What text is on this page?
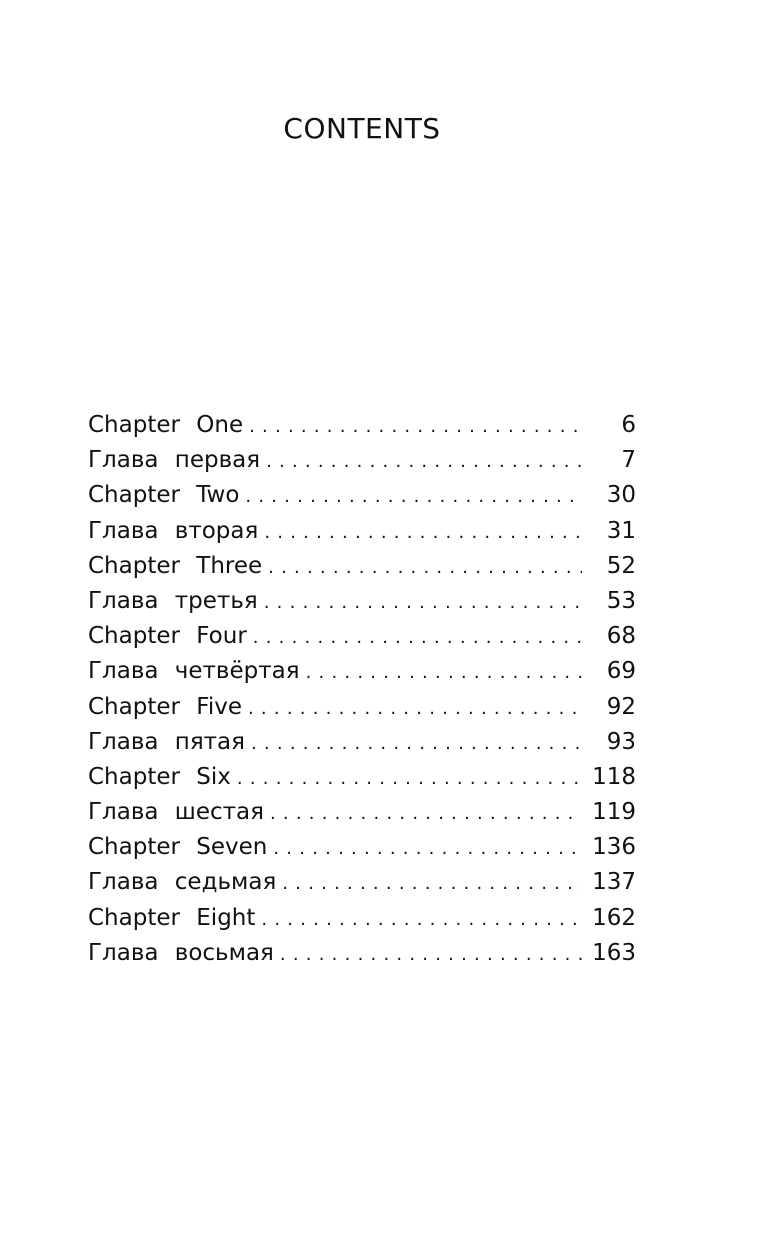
CONTENTS
Chapter One . . .	6
Глава первая . . .	7
Chapter Two . . .	30
Глава вторая . . .	31
Chapter Three . . .	52
Глава третья . . .	53
Chapter Four . . .	68
Глава четвёртая . . .	69
Chapter Five . . .	92
Глава пятая . . .	93
Chapter Six . . .	118
Глава шестая . . .	119
Chapter Seven . . .	136
Глава седьмая . . .	137
Chapter Eight . . .	162
Глава восьмая . . .	163
